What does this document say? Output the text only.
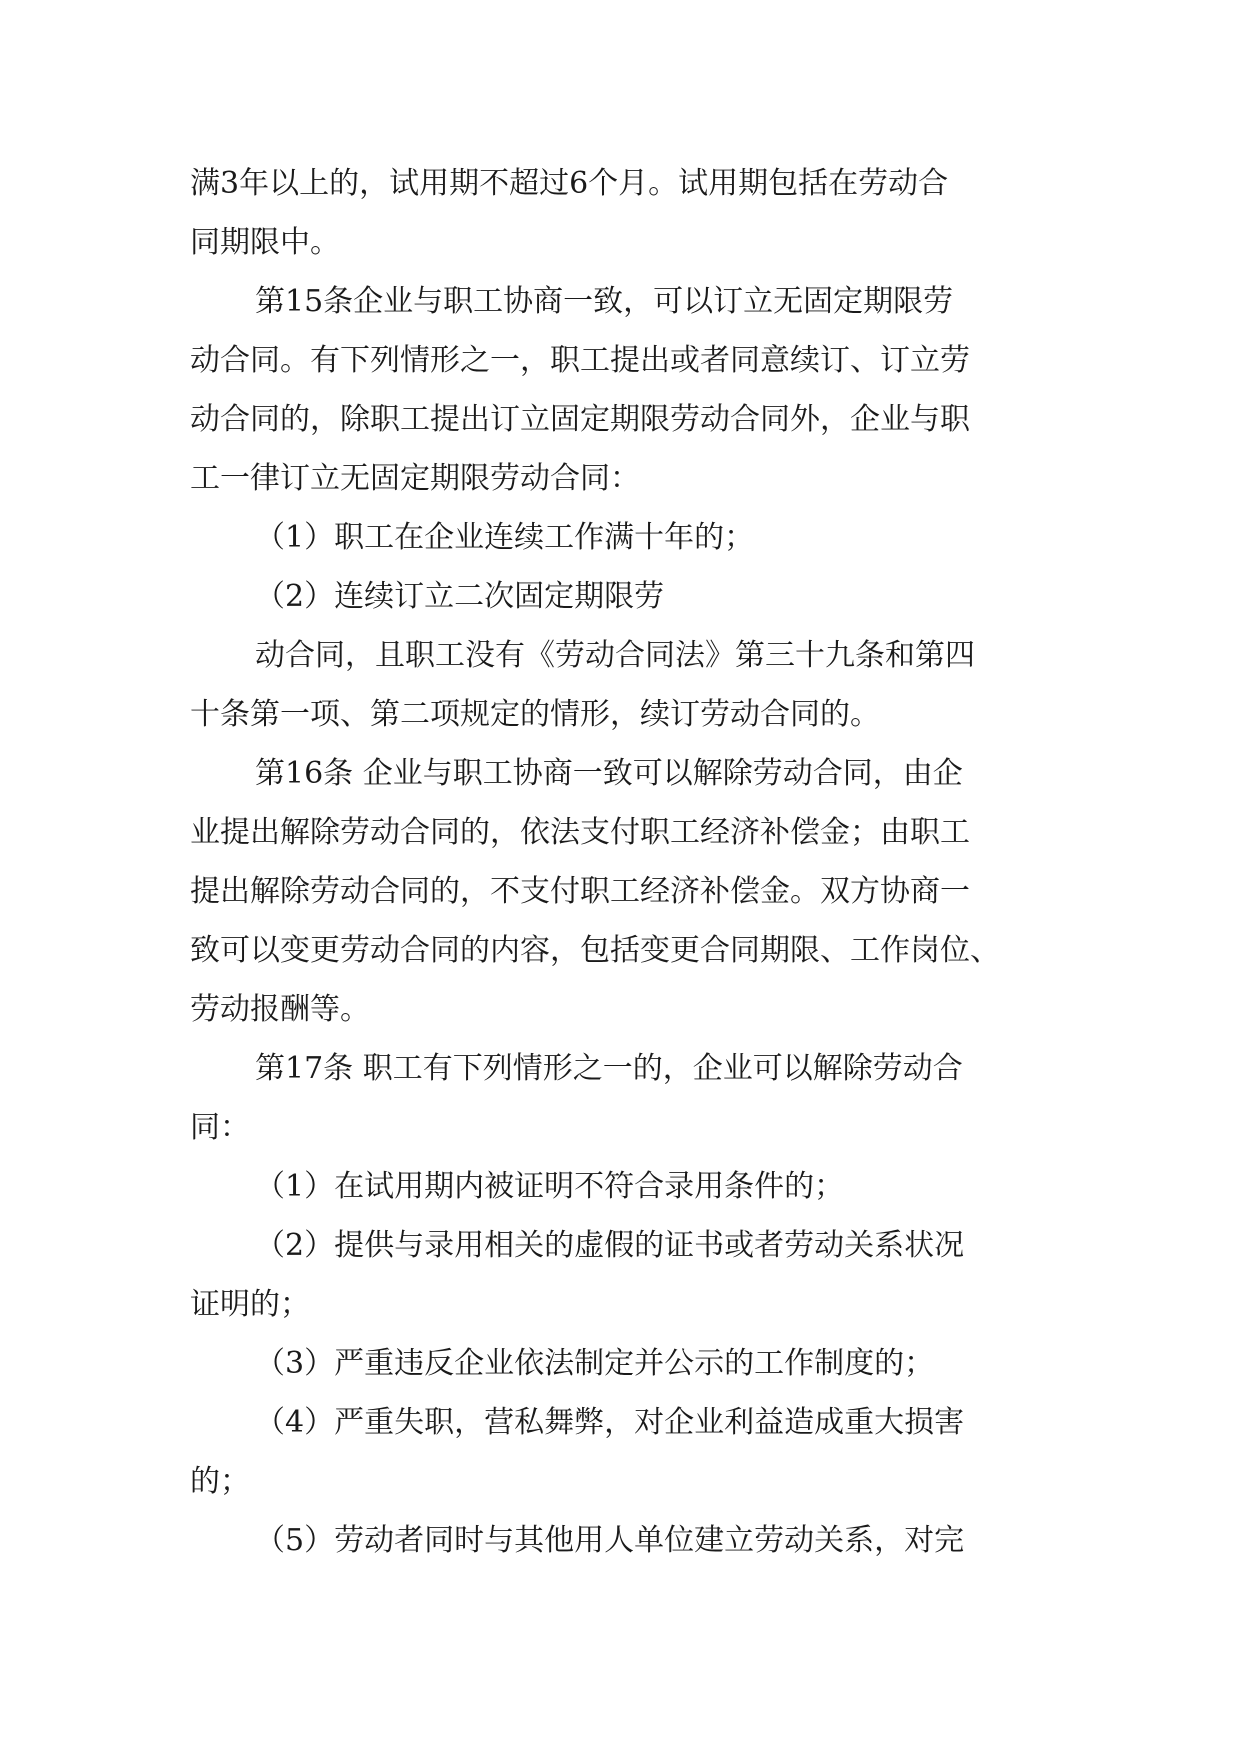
满3年以上的，试用期不超过6个月。试用期包括在劳动合
同期限中。
第15条企业与职工协商一致，可以订立无固定期限劳
动合同。有下列情形之一，职工提出或者同意续订、订立劳
动合同的，除职工提出订立固定期限劳动合同外，企业与职
工一律订立无固定期限劳动合同：
（1）职工在企业连续工作满十年的；
（2）连续订立二次固定期限劳
动合同，且职工没有《劳动合同法》第三十九条和第四
十条第一项、第二项规定的情形，续订劳动合同的。
第16条 企业与职工协商一致可以解除劳动合同，由企
业提出解除劳动合同的，依法支付职工经济补偿金；由职工
提出解除劳动合同的，不支付职工经济补偿金。双方协商一
致可以变更劳动合同的内容，包括变更合同期限、工作岗位、
劳动报酬等。
第17条 职工有下列情形之一的，企业可以解除劳动合
同：
（1）在试用期内被证明不符合录用条件的；
（2）提供与录用相关的虚假的证书或者劳动关系状况
证明的；
（3）严重违反企业依法制定并公示的工作制度的；
（4）严重失职，营私舞弊，对企业利益造成重大损害
的；
（5）劳动者同时与其他用人单位建立劳动关系，对完
